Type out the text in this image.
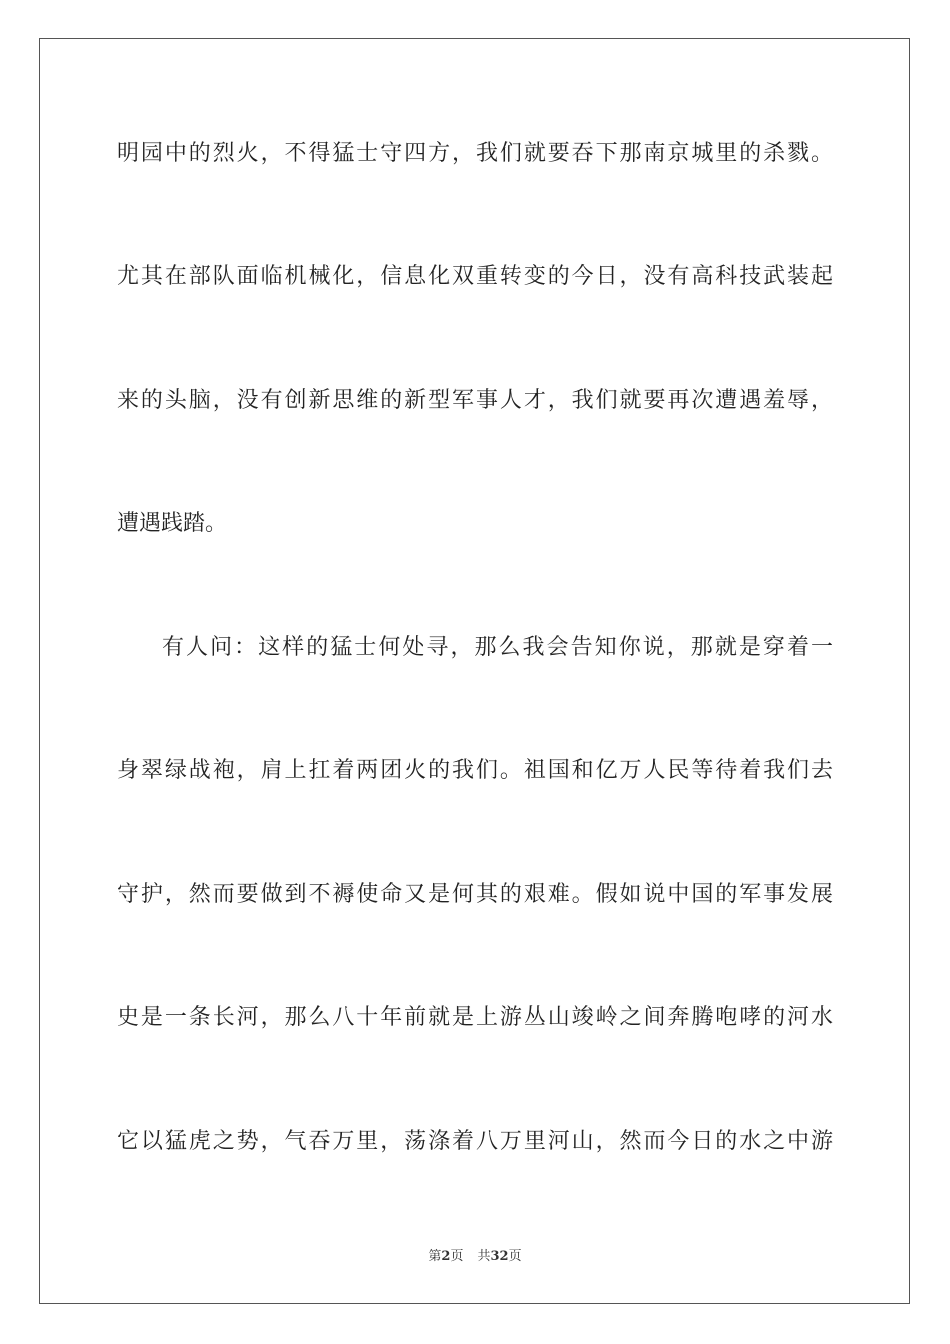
明园中的烈火，不得猛士守四方，我们就要吞下那南京城里的杀戮。
尤其在部队面临机械化，信息化双重转变的今日，没有高科技武装起
来的头脑，没有创新思维的新型军事人才，我们就要再次遭遇羞辱，
遭遇践踏。
有人问：这样的猛士何处寻，那么我会告知你说，那就是穿着一
身翠绿战袍，肩上扛着两团火的我们。祖国和亿万人民等待着我们去
守护，然而要做到不褥使命又是何其的艰难。假如说中国的军事发展
史是一条长河，那么八十年前就是上游丛山竣岭之间奔腾咆哮的河水
它以猛虎之势，气吞万里，荡涤着八万里河山，然而今日的水之中游
第2页 共32页
